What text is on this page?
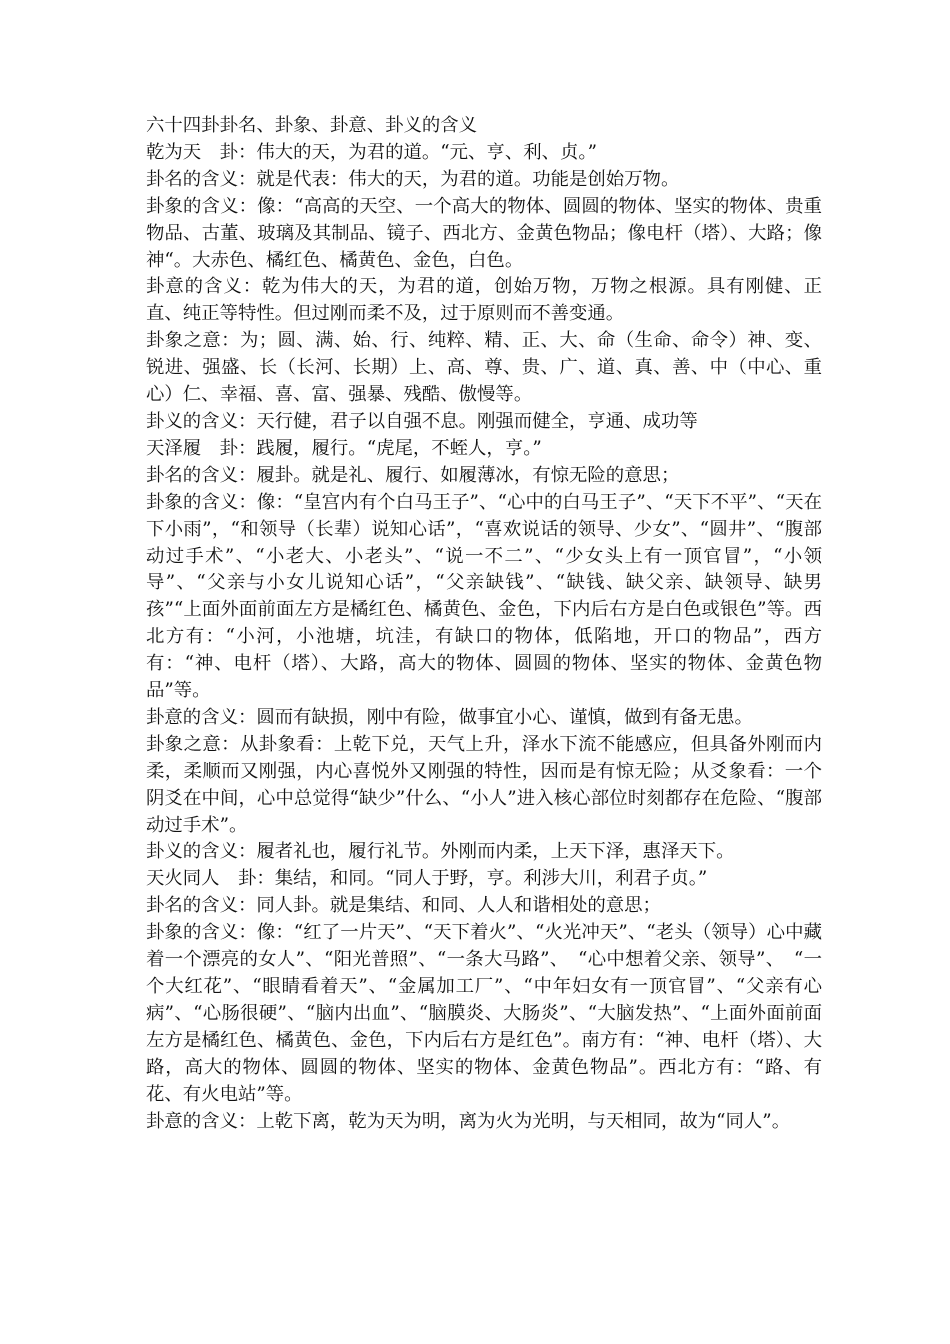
六十四卦卦名、卦象、卦意、卦义的含义

乾为天　卦：伟大的天，为君的道。“元、亨、利、贞。”

卦名的含义：就是代表：伟大的天，为君的道。功能是创始万物。

卦象的含义：像：“高高的天空、一个高大的物体、圆圆的物体、坚实的物体、贵重物品、古董、玻璃及其制品、镜子、西北方、金黄色物品；像电杆（塔）、大路；像神“。大赤色、橘红色、橘黄色、金色，白色。

卦意的含义：乾为伟大的天，为君的道，创始万物，万物之根源。具有刚健、正直、纯正等特性。但过刚而柔不及，过于原则而不善变通。

卦象之意：为；圆、满、始、行、纯粹、精、正、大、命（生命、命令）神、变、锐进、强盛、长（长河、长期）上、高、尊、贵、广、道、真、善、中（中心、重心）仁、幸福、喜、富、强暴、残酷、傲慢等。

卦义的含义：天行健，君子以自强不息。刚强而健全，亨通、成功等

天泽履　卦：践履，履行。“虎尾，不蛭人，亨。”

卦名的含义：履卦。就是礼、履行、如履薄冰，有惊无险的意思；

卦象的含义：像：“皇宫内有个白马王子”、“心中的白马王子”、“天下不平”、“天在下小雨”，“和领导（长辈）说知心话”，“喜欢说话的领导、少女”、“圆井”、“腹部动过手术”、“小老大、小老头”、“说一不二”、“少女头上有一顶官冒”，“小领导”、“父亲与小女儿说知心话”，“父亲缺钱”、“缺钱、缺父亲、缺领导、缺男孩”“上面外面前面左方是橘红色、橘黄色、金色，下内后右方是白色或银色”等。西北方有：“小河，小池塘，坑洼，有缺口的物体，低陷地，开口的物品”，西方有：“神、电杆（塔）、大路，高大的物体、圆圆的物体、坚实的物体、金黄色物品”等。

卦意的含义：圆而有缺损，刚中有险，做事宜小心、谨慎，做到有备无患。

卦象之意：从卦象看：上乾下兑，天气上升，泽水下流不能感应，但具备外刚而内柔，柔顺而又刚强，内心喜悦外又刚强的特性，因而是有惊无险；从爻象看：一个阴爻在中间，心中总觉得“缺少”什么、“小人”进入核心部位时刻都存在危险、“腹部动过手术”。

卦义的含义：履者礼也，履行礼节。外刚而内柔，上天下泽，惠泽天下。

天火同人　卦：集结，和同。“同人于野，亨。利涉大川，利君子贞。”

卦名的含义：同人卦。就是集结、和同、人人和谐相处的意思；

卦象的含义：像：“红了一片天”、“天下着火”、“火光冲天”、“老头（领导）心中藏着一个漂亮的女人”、“阳光普照”、“一条大马路”、　“心中想着父亲、领导”、　“一个大红花”、“眼睛看着天”、“金属加工厂”、“中年妇女有一顶官冒”、“父亲有心病”、“心肠很硬”、“脑内出血”、“脑膜炎、大肠炎”、“大脑发热”、“上面外面前面左方是橘红色、橘黄色、金色，下内后右方是红色”。南方有：“神、电杆（塔）、大路，高大的物体、圆圆的物体、坚实的物体、金黄色物品”。西北方有：“路、有花、有火电站”等。

卦意的含义：上乾下离，乾为天为明，离为火为光明，与天相同，故为“同人”。
